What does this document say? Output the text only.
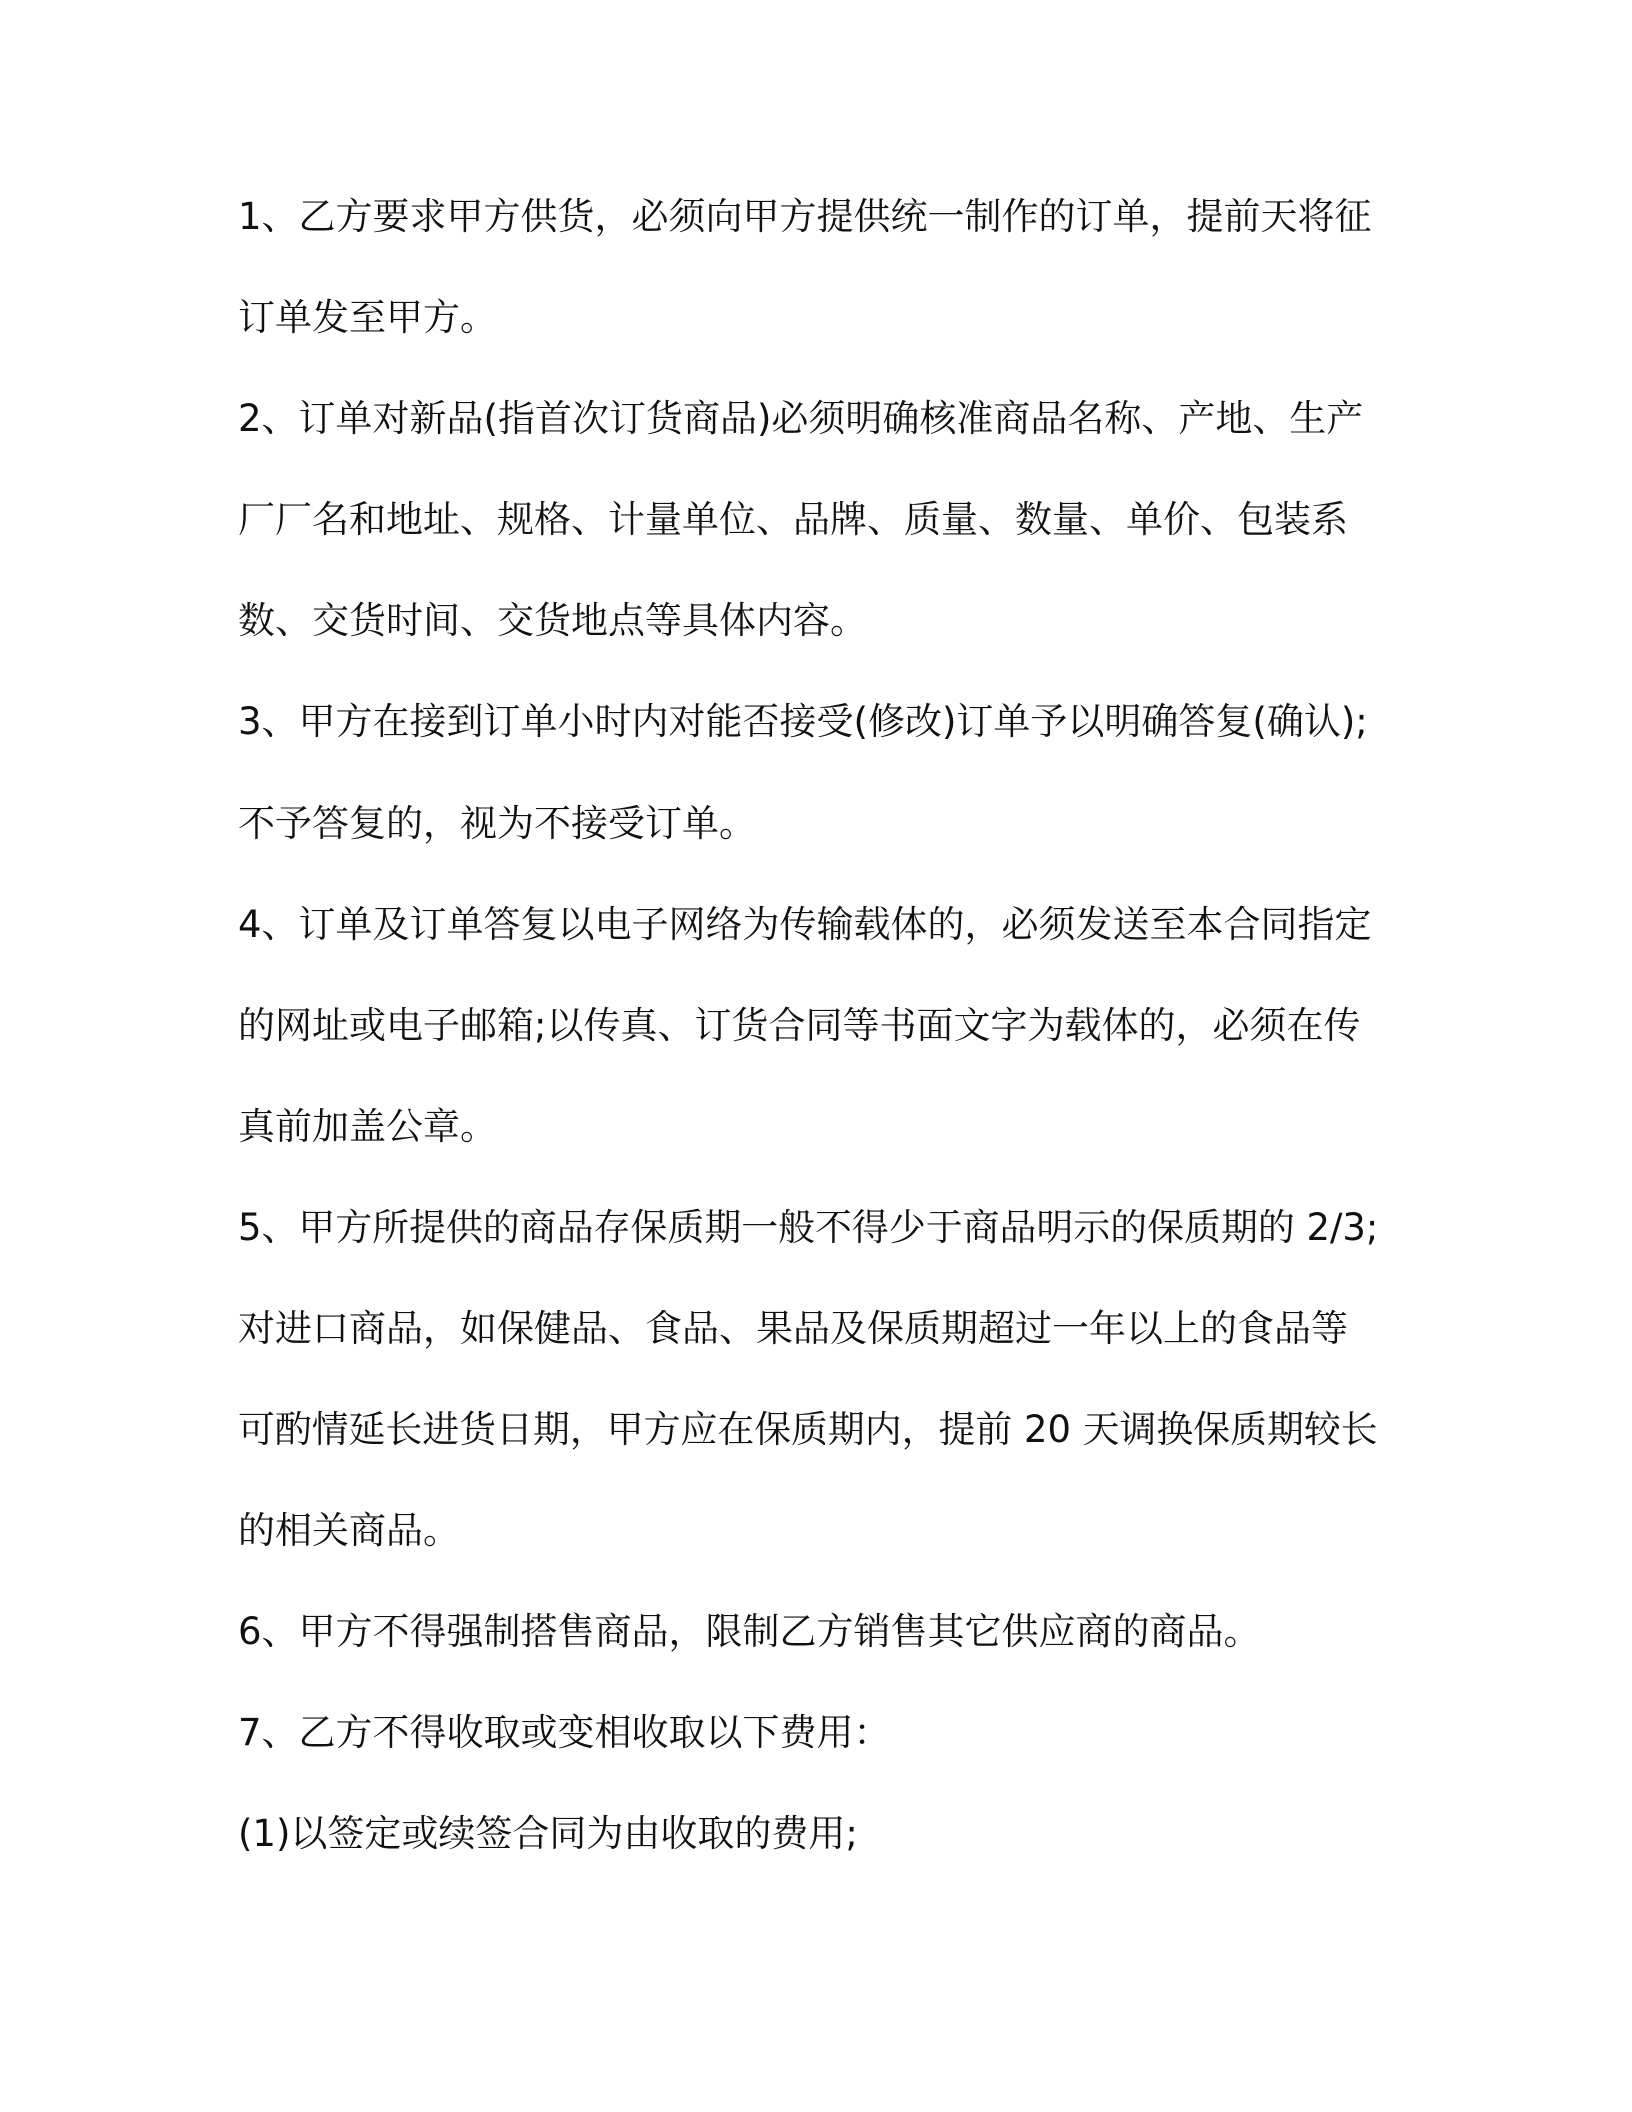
1、乙方要求甲方供货，必须向甲方提供统一制作的订单，提前天将征

订单发至甲方。

2、订单对新品(指首次订货商品)必须明确核准商品名称、产地、生产

厂厂名和地址、规格、计量单位、品牌、质量、数量、单价、包装系

数、交货时间、交货地点等具体内容。

3、甲方在接到订单小时内对能否接受(修改)订单予以明确答复(确认);

不予答复的，视为不接受订单。

4、订单及订单答复以电子网络为传输载体的，必须发送至本合同指定

的网址或电子邮箱;以传真、订货合同等书面文字为载体的，必须在传

真前加盖公章。

5、甲方所提供的商品存保质期一般不得少于商品明示的保质期的 2/3;

对进口商品，如保健品、食品、果品及保质期超过一年以上的食品等

可酌情延长进货日期，甲方应在保质期内，提前 20 天调换保质期较长

的相关商品。

6、甲方不得强制搭售商品，限制乙方销售其它供应商的商品。

7、乙方不得收取或变相收取以下费用：

(1)以签定或续签合同为由收取的费用;
